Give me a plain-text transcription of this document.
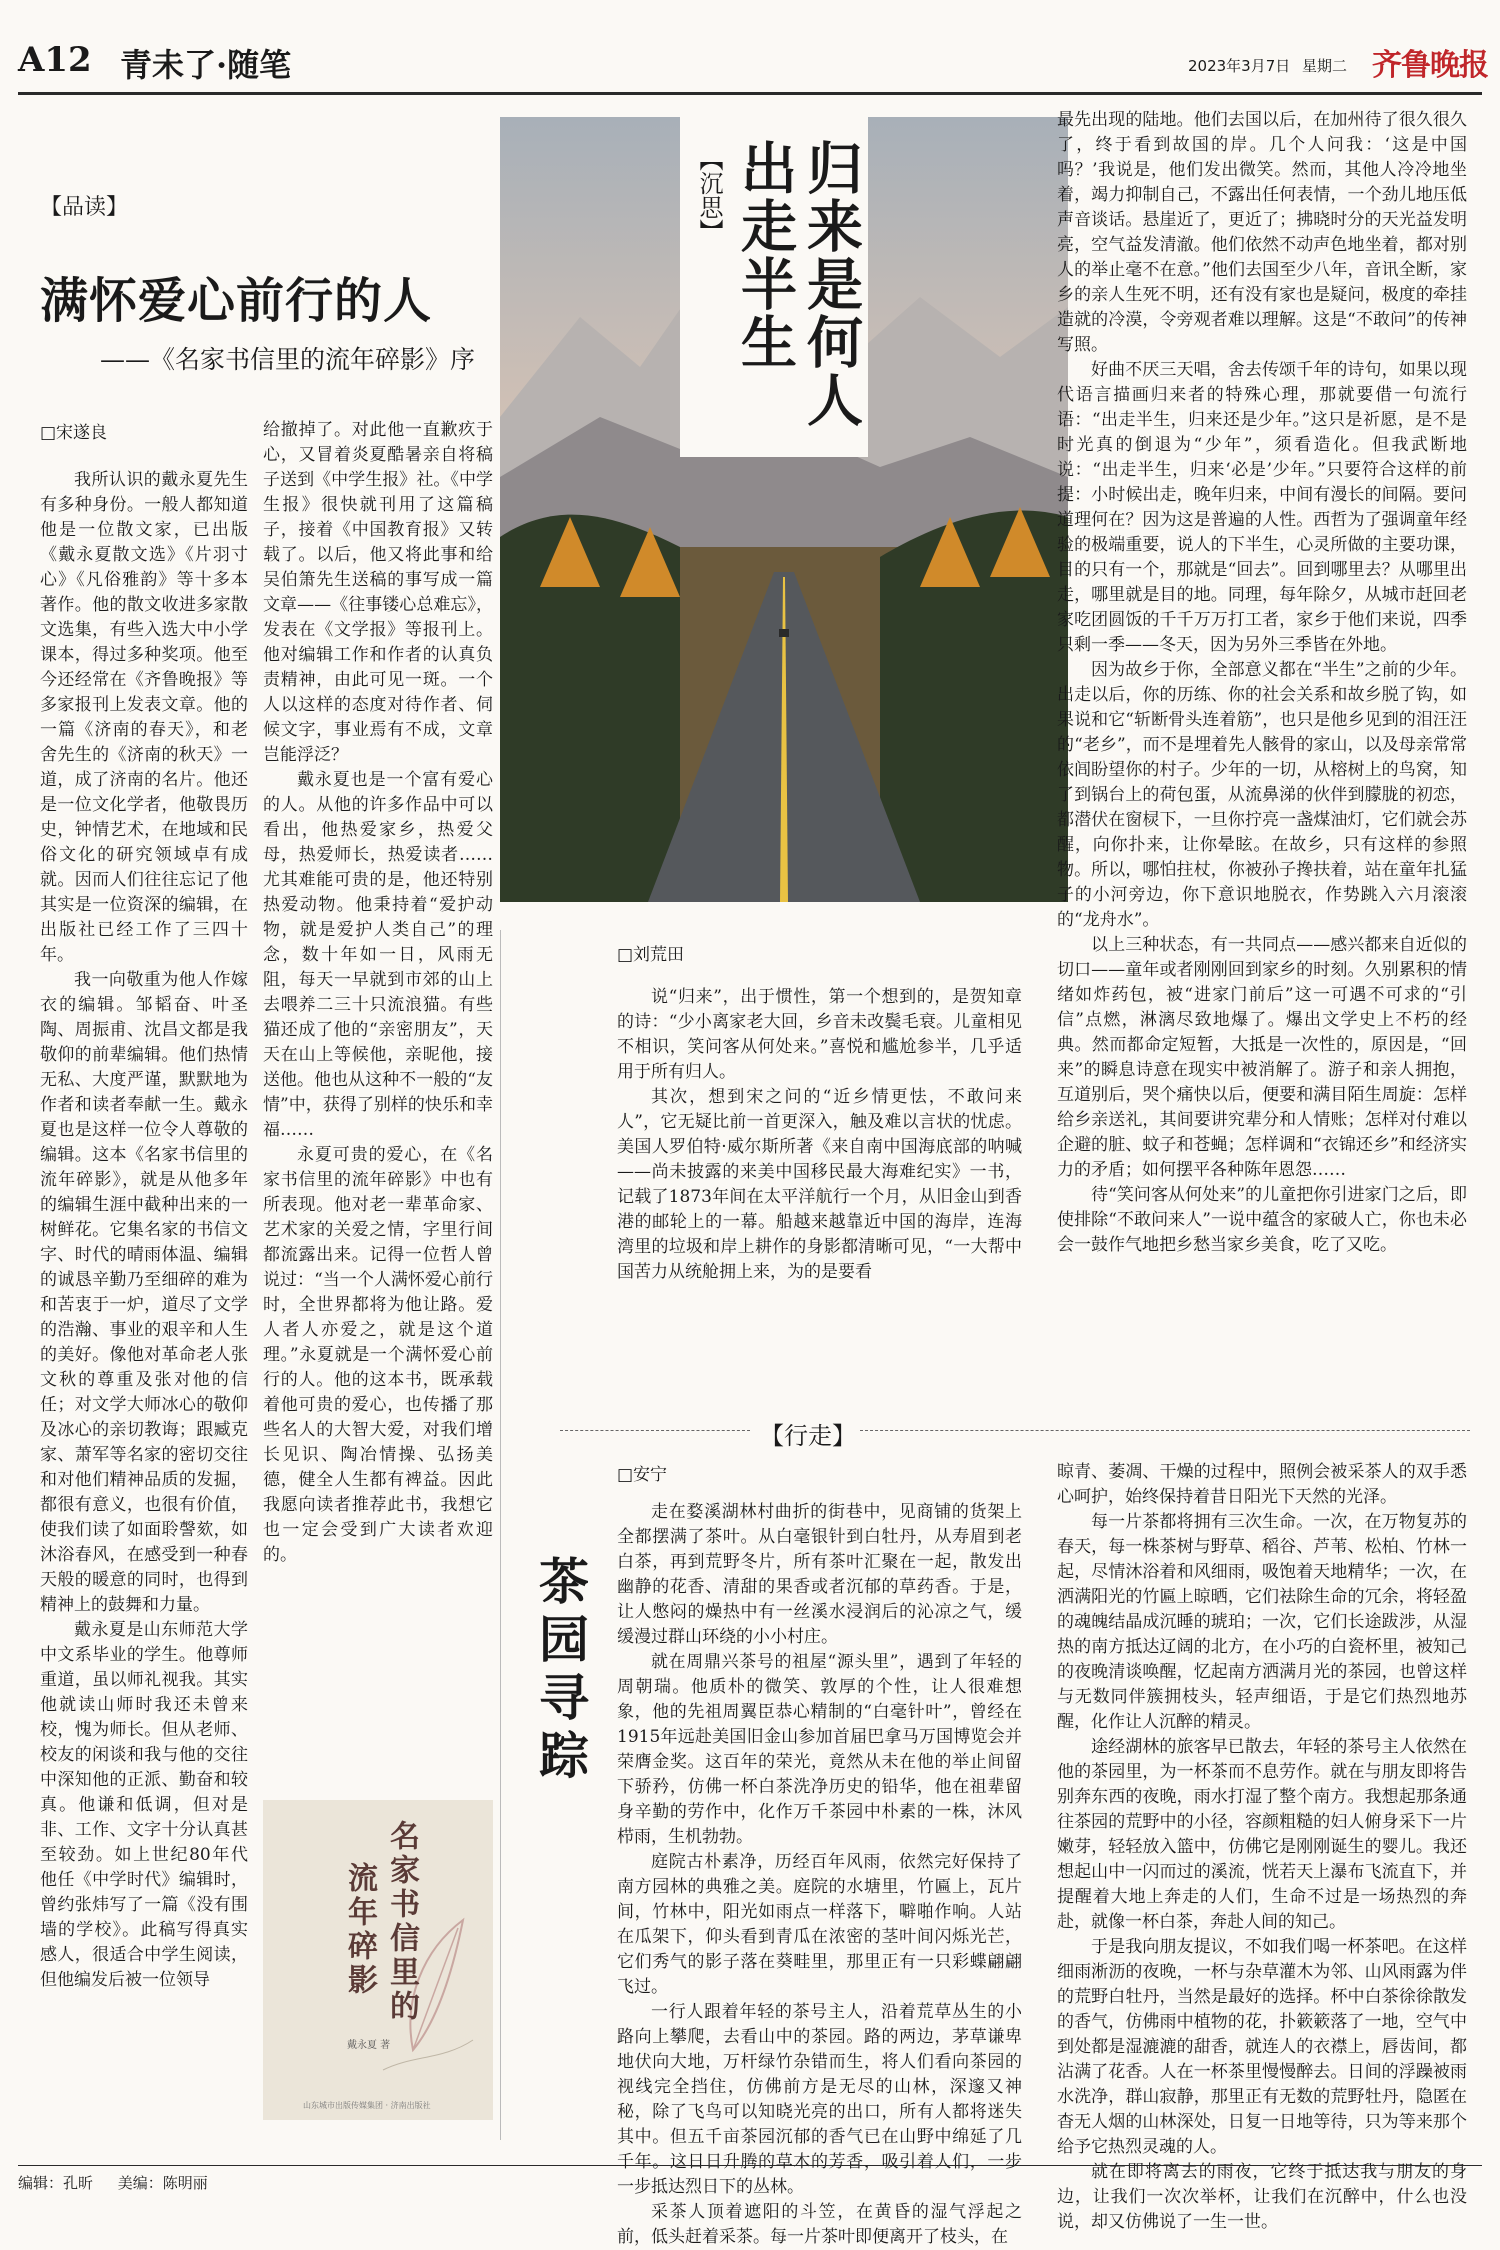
A12 青未了·随笔	2023年3月7日 星期二 齐鲁晚报
【品读】
满怀爱心前行的人
——《名家书信里的流年碎影》序
□宋遂良

我所认识的戴永夏先生有多种身份。一般人都知道他是一位散文家，已出版《戴永夏散文选》《片羽寸心》《凡俗雅韵》等十多本著作。他的散文收进多家散文选集，有些入选大中小学课本，得过多种奖项。他至今还经常在《齐鲁晚报》等多家报刊上发表文章。他的一篇《济南的春天》，和老舍先生的《济南的秋天》一道，成了济南的名片。他还是一位文化学者，他敬畏历史，钟情艺术，在地域和民俗文化的研究领域卓有成就。因而人们往往忘记了他其实是一位资深的编辑，在出版社已经工作了三四十年。

我一向敬重为他人作嫁衣的编辑。邹韬奋、叶圣陶、周振甫、沈昌文都是我敬仰的前辈编辑。他们热情无私、大度严谨，默默地为作者和读者奉献一生。戴永夏也是这样一位令人尊敬的编辑。这本《名家书信里的流年碎影》，就是从他多年的编辑生涯中截种出来的一树鲜花。它集名家的书信文字、时代的晴雨体温、编辑的诚恳辛勤乃至细碎的难为和苦衷于一炉，道尽了文学的浩瀚、事业的艰辛和人生的美好。像他对革命老人张文秋的尊重及张对他的信任；对文学大师冰心的敬仰及冰心的亲切教诲；跟臧克家、萧军等名家的密切交往和对他们精神品质的发掘，都很有意义，也很有价值，使我们读了如面聆謦欬，如沐浴春风，在感受到一种春天般的暖意的同时，也得到精神上的鼓舞和力量。

戴永夏是山东师范大学中文系毕业的学生。他尊师重道，虽以师礼视我。其实他就读山师时我还未曾来校，愧为师长。但从老师、校友的闲谈和我与他的交往中深知他的正派、勤奋和较真。他谦和低调，但对是非、工作、文字十分认真甚至较劲。如上世纪80年代他任《中学时代》编辑时，曾约张炜写了一篇《没有围墙的学校》。此稿写得真实感人，很适合中学生阅读，但他编发后被一位领导

给撤掉了。对此他一直歉疚于心，又冒着炎夏酷暑亲自将稿子送到《中学生报》社。《中学生报》很快就刊用了这篇稿子，接着《中国教育报》又转载了。以后，他又将此事和给吴伯箫先生送稿的事写成一篇文章——《往事镂心总难忘》，发表在《文学报》等报刊上。他对编辑工作和作者的认真负责精神，由此可见一斑。一个人以这样的态度对待作者、伺候文字，事业焉有不成，文章岂能浮泛？

戴永夏也是一个富有爱心的人。从他的许多作品中可以看出，他热爱家乡，热爱父母，热爱师长，热爱读者……尤其难能可贵的是，他还特别热爱动物。他秉持着“爱护动物，就是爱护人类自己”的理念，数十年如一日，风雨无阻，每天一早就到市郊的山上去喂养二三十只流浪猫。有些猫还成了他的“亲密朋友”，天天在山上等候他，亲昵他，接送他。他也从这种不一般的“友情”中，获得了别样的快乐和幸福……

永夏可贵的爱心，在《名家书信里的流年碎影》中也有所表现。他对老一辈革命家、艺术家的关爱之情，字里行间都流露出来。记得一位哲人曾说过：“当一个人满怀爱心前行时，全世界都将为他让路。爱人者人亦爱之，就是这个道理。”永夏就是一个满怀爱心前行的人。他的这本书，既承载着他可贵的爱心，也传播了那些名人的大智大爱，对我们增长见识、陶冶情操、弘扬美德，健全人生都有裨益。因此我愿向读者推荐此书，我想它也一定会受到广大读者欢迎的。

名家书信里的
流年碎影
戴永夏 著
山东城市出版传媒集团 · 济南出版社
归来是何人
出走半生
【沉思】
□刘荒田

说“归来”，出于惯性，第一个想到的，是贺知章的诗：“少小离家老大回，乡音未改鬓毛衰。儿童相见不相识，笑问客从何处来。”喜悦和尴尬参半，几乎适用于所有归人。

其次，想到宋之问的“近乡情更怯，不敢问来人”，它无疑比前一首更深入，触及难以言状的忧虑。美国人罗伯特·威尔斯所著《来自南中国海底部的呐喊——尚未披露的来美中国移民最大海难纪实》一书，记载了1873年间在太平洋航行一个月，从旧金山到香港的邮轮上的一幕。船越来越靠近中国的海岸，连海湾里的垃圾和岸上耕作的身影都清晰可见，“一大帮中国苦力从统舱拥上来，为的是要看

最先出现的陆地。他们去国以后，在加州待了很久很久了，终于看到故国的岸。几个人问我：‘这是中国吗？’我说是，他们发出微笑。然而，其他人冷冷地坐着，竭力抑制自己，不露出任何表情，一个劲儿地压低声音谈话。悬崖近了，更近了；拂晓时分的天光益发明亮，空气益发清澈。他们依然不动声色地坐着，都对别人的举止毫不在意。”他们去国至少八年，音讯全断，家乡的亲人生死不明，还有没有家也是疑问，极度的牵挂造就的冷漠，令旁观者难以理解。这是“不敢问”的传神写照。

好曲不厌三天唱，舍去传颂千年的诗句，如果以现代语言描画归来者的特殊心理，那就要借一句流行语：“出走半生，归来还是少年。”这只是祈愿，是不是时光真的倒退为“少年”，须看造化。但我武断地说：“出走半生，归来‘必是’少年。”只要符合这样的前提：小时候出走，晚年归来，中间有漫长的间隔。要问道理何在？因为这是普遍的人性。西哲为了强调童年经验的极端重要，说人的下半生，心灵所做的主要功课，目的只有一个，那就是“回去”。回到哪里去？从哪里出走，哪里就是目的地。同理，每年除夕，从城市赶回老家吃团圆饭的千千万万打工者，家乡于他们来说，四季只剩一季——冬天，因为另外三季皆在外地。

因为故乡于你，全部意义都在“半生”之前的少年。出走以后，你的历练、你的社会关系和故乡脱了钩，如果说和它“斩断骨头连着筋”，也只是他乡见到的泪汪汪的“老乡”，而不是埋着先人骸骨的家山，以及母亲常常依闾盼望你的村子。少年的一切，从榕树上的鸟窝，知了到锅台上的荷包蛋，从流鼻涕的伙伴到朦胧的初恋，都潜伏在窗棂下，一旦你拧亮一盏煤油灯，它们就会苏醒，向你扑来，让你晕眩。在故乡，只有这样的参照物。所以，哪怕拄杖，你被孙子搀扶着，站在童年扎猛子的小河旁边，你下意识地脱衣，作势跳入六月滚滚的“龙舟水”。

以上三种状态，有一共同点——感兴都来自近似的切口——童年或者刚刚回到家乡的时刻。久别累积的情绪如炸药包，被“进家门前后”这一可遇不可求的“引信”点燃，淋漓尽致地爆了。爆出文学史上不朽的经典。然而都命定短暂，大抵是一次性的，原因是，“回来”的瞬息诗意在现实中被消解了。游子和亲人拥抱，互道别后，哭个痛快以后，便要和满目陌生周旋：怎样给乡亲送礼，其间要讲究辈分和人情账；怎样对付难以企避的脏、蚊子和苍蝇；怎样调和“衣锦还乡”和经济实力的矛盾；如何摆平各种陈年恩怨……

待“笑问客从何处来”的儿童把你引进家门之后，即使排除“不敢问来人”一说中蕴含的家破人亡，你也未必会一鼓作气地把乡愁当家乡美食，吃了又吃。

【行走】
茶园寻踪
□安宁

走在婺溪湖林村曲折的街巷中，见商铺的货架上全都摆满了茶叶。从白毫银针到白牡丹，从寿眉到老白茶，再到荒野冬片，所有茶叶汇聚在一起，散发出幽静的花香、清甜的果香或者沉郁的草药香。于是，让人憋闷的燥热中有一丝溪水浸润后的沁凉之气，缓缓漫过群山环绕的小小村庄。

就在周鼎兴茶号的祖屋“源头里”，遇到了年轻的周朝瑞。他质朴的微笑、敦厚的个性，让人很难想象，他的先祖周翼臣恭心精制的“白毫针叶”，曾经在1915年远赴美国旧金山参加首届巴拿马万国博览会并荣膺金奖。这百年的荣光，竟然从未在他的举止间留下骄矜，仿佛一杯白茶洗净历史的铅华，他在祖辈留身辛勤的劳作中，化作万千茶园中朴素的一株，沐风栉雨，生机勃勃。

庭院古朴素净，历经百年风雨，依然完好保持了南方园林的典雅之美。庭院的水塘里，竹匾上，瓦片间，竹林中，阳光如雨点一样落下，噼啪作响。人站在瓜架下，仰头看到青瓜在浓密的茎叶间闪烁光芒，它们秀气的影子落在葵畦里，那里正有一只彩蝶翩翩飞过。

一行人跟着年轻的茶号主人，沿着荒草丛生的小路向上攀爬，去看山中的茶园。路的两边，茅草谦卑地伏向大地，万杆绿竹杂错而生，将人们看向茶园的视线完全挡住，仿佛前方是无尽的山林，深邃又神秘，除了飞鸟可以知晓光亮的出口，所有人都将迷失其中。但五千亩茶园沉郁的香气已在山野中绵延了几千年。这日日升腾的草木的芳香，吸引着人们，一步一步抵达烈日下的丛林。

采茶人顶着遮阳的斗笠，在黄昏的湿气浮起之前，低头赶着采茶。每一片茶叶即便离开了枝头，在

晾青、萎凋、干燥的过程中，照例会被采茶人的双手悉心呵护，始终保持着昔日阳光下天然的光泽。

每一片茶都将拥有三次生命。一次，在万物复苏的春天，每一株茶树与野草、稻谷、芦苇、松柏、竹林一起，尽情沐浴着和风细雨，吸饱着天地精华；一次，在洒满阳光的竹匾上晾晒，它们祛除生命的冗余，将轻盈的魂魄结晶成沉睡的琥珀；一次，它们长途跋涉，从湿热的南方抵达辽阔的北方，在小巧的白瓷杯里，被知己的夜晚清谈唤醒，忆起南方洒满月光的茶园，也曾这样与无数同伴簇拥枝头，轻声细语，于是它们热烈地苏醒，化作让人沉醉的精灵。

途经湖林的旅客早已散去，年轻的茶号主人依然在他的茶园里，为一杯茶而不息劳作。就在与朋友即将告别奔东西的夜晚，雨水打湿了整个南方。我想起那条通往茶园的荒野中的小径，容颜粗糙的妇人俯身采下一片嫩芽，轻轻放入篮中，仿佛它是刚刚诞生的婴儿。我还想起山中一闪而过的溪流，恍若天上瀑布飞流直下，并提醒着大地上奔走的人们，生命不过是一场热烈的奔赴，就像一杯白茶，奔赴人间的知己。

于是我向朋友提议，不如我们喝一杯茶吧。在这样细雨淅沥的夜晚，一杯与杂草灌木为邻、山风雨露为伴的荒野白牡丹，当然是最好的选择。杯中白茶徐徐散发的香气，仿佛雨中植物的花，扑簌簌落了一地，空气中到处都是湿漉漉的甜香，就连人的衣襟上，唇齿间，都沾满了花香。人在一杯茶里慢慢醉去。日间的浮躁被雨水洗净，群山寂静，那里正有无数的荒野牡丹，隐匿在杳无人烟的山林深处，日复一日地等待，只为等来那个给予它热烈灵魂的人。

就在即将离去的雨夜，它终于抵达我与朋友的身边，让我们一次次举杯，让我们在沉醉中，什么也没说，却又仿佛说了一生一世。

编辑：孔昕 美编：陈明丽
